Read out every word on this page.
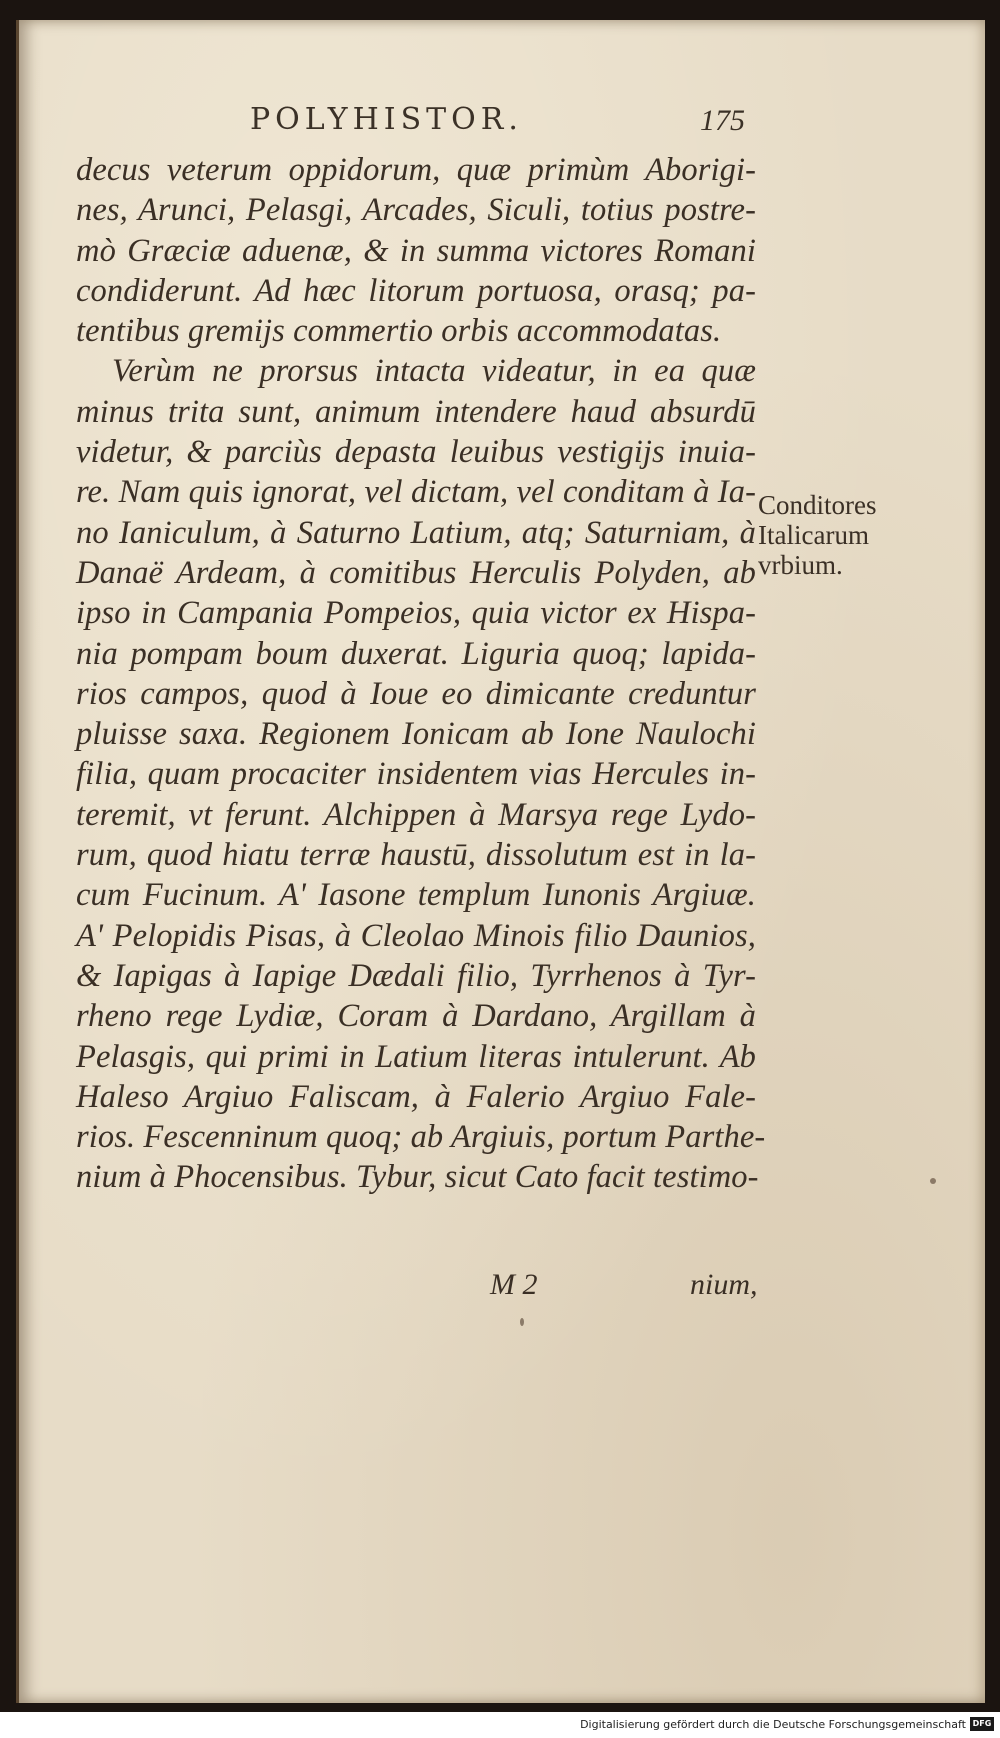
POLYHISTOR.	175
decus veterum oppidorum, quæ primùm Aborigi-
nes, Arunci, Pelasgi, Arcades, Siculi, totius postre-
mò Græciæ aduenæ, & in summa victores Romani
condiderunt. Ad hæc litorum portuosa, orasq; pa-
tentibus gremijs commertio orbis accommodatas.
Verùm ne prorsus intacta videatur, in ea quæ
minus trita sunt, animum intendere haud absurdū
videtur, & parciùs depasta leuibus vestigijs inuia-
re. Nam quis ignorat, vel dictam, vel conditam à Ia-
no Ianiculum, à Saturno Latium, atq; Saturniam, à
Danaë Ardeam, à comitibus Herculis Polyden, ab
ipso in Campania Pompeios, quia victor ex Hispa-
nia pompam boum duxerat. Liguria quoq; lapida-
rios campos, quod à Ioue eo dimicante creduntur
pluisse saxa. Regionem Ionicam ab Ione Naulochi
filia, quam procaciter insidentem vias Hercules in-
teremit, vt ferunt. Alchippen à Marsya rege Lydo-
rum, quod hiatu terræ haustū, dissolutum est in la-
cum Fucinum. A' Iasone templum Iunonis Argiuæ.
A' Pelopidis Pisas, à Cleolao Minois filio Daunios,
& Iapigas à Iapige Dædali filio, Tyrrhenos à Tyr-
rheno rege Lydiæ, Coram à Dardano, Argillam à
Pelasgis, qui primi in Latium literas intulerunt. Ab
Haleso Argiuo Faliscam, à Falerio Argiuo Fale-
rios. Fescenninum quoq; ab Argiuis, portum Parthe-
nium à Phocensibus. Tybur, sicut Cato facit testimo-
Conditores
Italicarum
vrbium.
M 2	nium,
Digitalisierung gefördert durch die Deutsche Forschungsgemeinschaft DFG
